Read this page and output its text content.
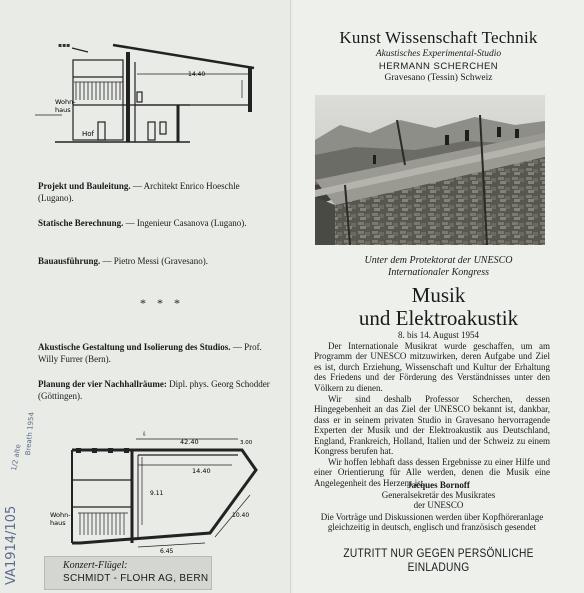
Wohn-
haus
Hof
14.40
▪▪▪
Projekt und Bauleitung. — Architekt Enrico Hoeschle (Lugano).
Statische Berechnung. — Ingenieur Casanova (Lugano).
Bauausführung. — Pietro Messi (Gravesano).
* * *
Akustische Gestaltung und Isolierung des Studios. — Prof. Willy Furrer (Bern).
Planung der vier Nachhallräume: Dipl. phys. Georg Schodder (Göttingen).
⇩
42.40	3.00
14.40
9.11
10.40
6.45
Wohn-
haus
VA1914/105
1/2 alte
Breath 1954
Konzert-Flügel:
SCHMIDT - FLOHR AG, BERN
Kunst Wissenschaft Technik
Akustisches Experimental-Studio
HERMANN SCHERCHEN
Gravesano (Tessin) Schweiz
Unter dem Protektorat der UNESCO
Internationaler Kongress
Musik
und Elektroakustik
8. bis 14. August 1954
Der Internationale Musikrat wurde geschaffen, um am Programm der UNESCO mitzuwirken, deren Aufgabe und Ziel es ist, durch Erziehung, Wissenschaft und Kultur der Erhaltung des Friedens und der Förderung des Verständnisses unter den Völkern zu dienen.
Wir sind deshalb Professor Scherchen, dessen Hingegebenheit an das Ziel der UNESCO bekannt ist, dankbar, dass er in seinem privaten Studio in Gravesano hervorragende Experten der Musik und der Elektroakustik aus Deutschland, England, Frankreich, Holland, Italien und der Schweiz zu einem Kongress berufen hat.
Wir hoffen lebhaft dass dessen Ergebnisse zu einer Hilfe und einer Orientierung für Alle werden, denen die Musik eine Angelegenheit des Herzens ist.
Jacques Bornoff
Generalsekretär des Musikrates
der UNESCO
Die Vorträge und Diskussionen werden über Kopfhöreranlage gleichzeitig in deutsch, englisch und französisch gesendet
ZUTRITT NUR GEGEN PERSÖNLICHE EINLADUNG
